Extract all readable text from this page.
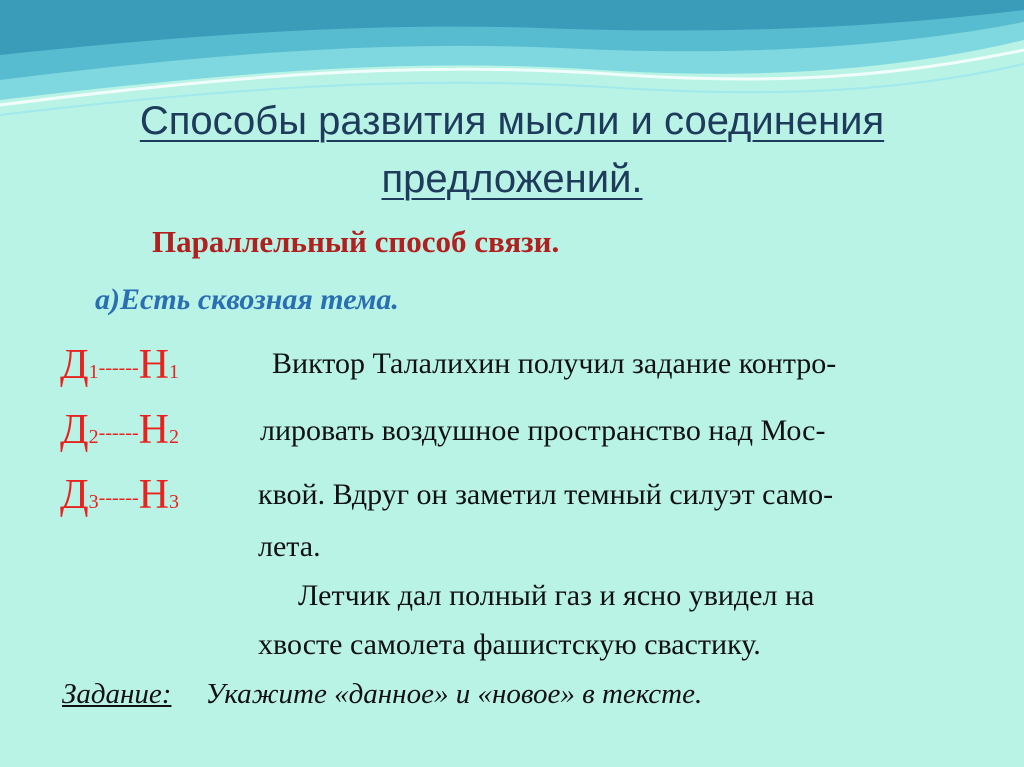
Способы развития мысли и соединения
предложений.
Параллельный способ связи.
а)Есть сквозная тема.
Д1------Н1
Д2------Н2
Д3------Н3
Виктор Талалихин получил задание контро-
лировать воздушное пространство над Мос-
квой. Вдруг он заметил темный силуэт само-
лета.
Летчик дал полный газ и ясно увидел на
хвосте самолета фашистскую свастику.
Задание: Укажите «данное» и «новое» в тексте.
